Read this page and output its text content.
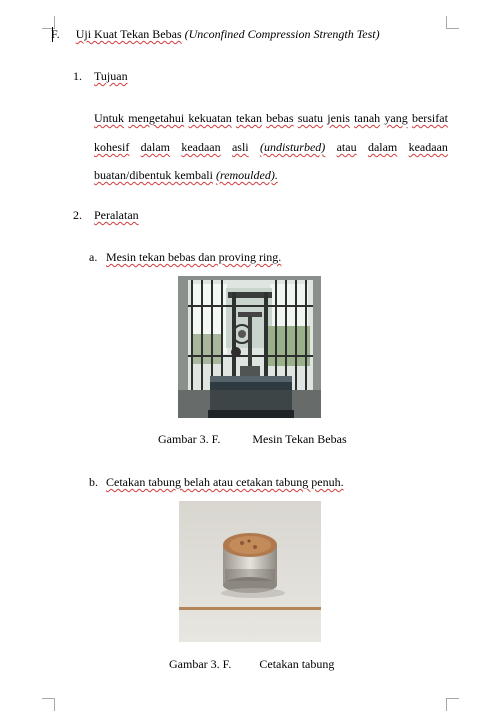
F. Uji Kuat Tekan Bebas (Unconfined Compression Strength Test)
1. Tujuan
Untuk mengetahui kekuatan tekan bebas suatu jenis tanah yang bersifat
kohesif dalam keadaan asli (undisturbed) atau dalam keadaan
buatan/dibentuk kembali (remoulded).
2. Peralatan
a. Mesin tekan bebas dan proving ring.
Gambar 3. F.	Mesin Tekan Bebas
b. Cetakan tabung belah atau cetakan tabung penuh.
Gambar 3. F. Cetakan tabung
